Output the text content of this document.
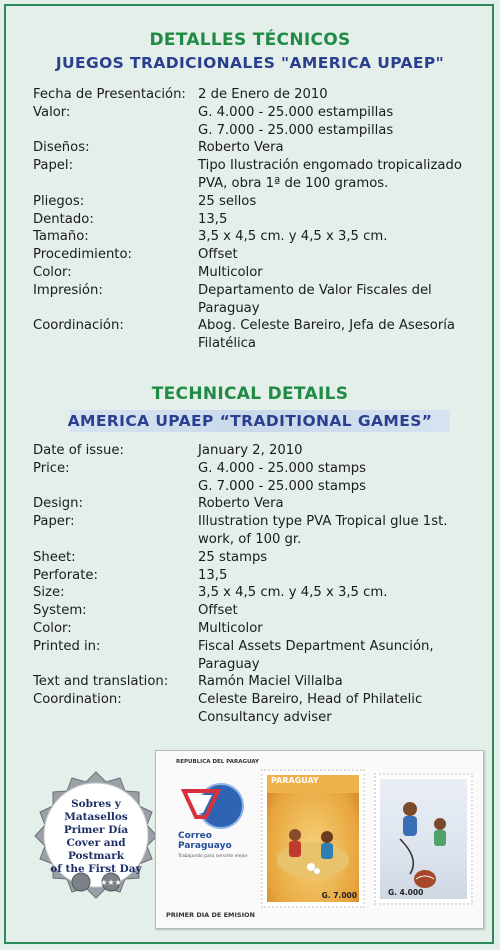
DETALLES TÉCNICOS
JUEGOS TRADICIONALES "AMERICA UPAEP"
Fecha de Presentación: 2 de Enero de 2010
Valor:	G. 4.000 - 25.000 estampillas
G. 7.000 - 25.000 estampillas
Diseños:	Roberto Vera
Papel:	Tipo Ilustración engomado tropicalizado
PVA, obra 1ª de 100 gramos.
Pliegos:	25 sellos
Dentado:	13,5
Tamaño:	3,5 x 4,5 cm. y 4,5 x 3,5 cm.
Procedimiento:	Offset
Color:	Multicolor
Impresión:	Departamento de Valor Fiscales del
Paraguay
Coordinación:	Abog. Celeste Bareiro, Jefa de Asesoría
Filatélica
TECHNICAL DETAILS
AMERICA UPAEP “TRADITIONAL GAMES”
Date of issue:	January 2, 2010
Price:	G. 4.000 - 25.000 stamps
G. 7.000 - 25.000 stamps
Design:	Roberto Vera
Paper:	Illustration type PVA Tropical glue 1st.
work, of 100 gr.
Sheet:	25 stamps
Perforate:	13,5
Size:	3,5 x 4,5 cm. y 4,5 x 3,5 cm.
System:	Offset
Color:	Multicolor
Printed in:	Fiscal Assets Department Asunción,
Paraguay
Text and translation:	Ramón Maciel Villalba
Coordination:	Celeste Bareiro, Head of Philatelic
Consultancy adviser
★★★
Sobres y Matasellos
Primer Día
Cover and Postmark
of the First Day
REPUBLICA DEL PARAGUAY
Correo
Paraguayo
Trabajando para servirte mejor
PARAGUAY
G. 7.000	G. 4.000
PRIMER DIA DE EMISION
